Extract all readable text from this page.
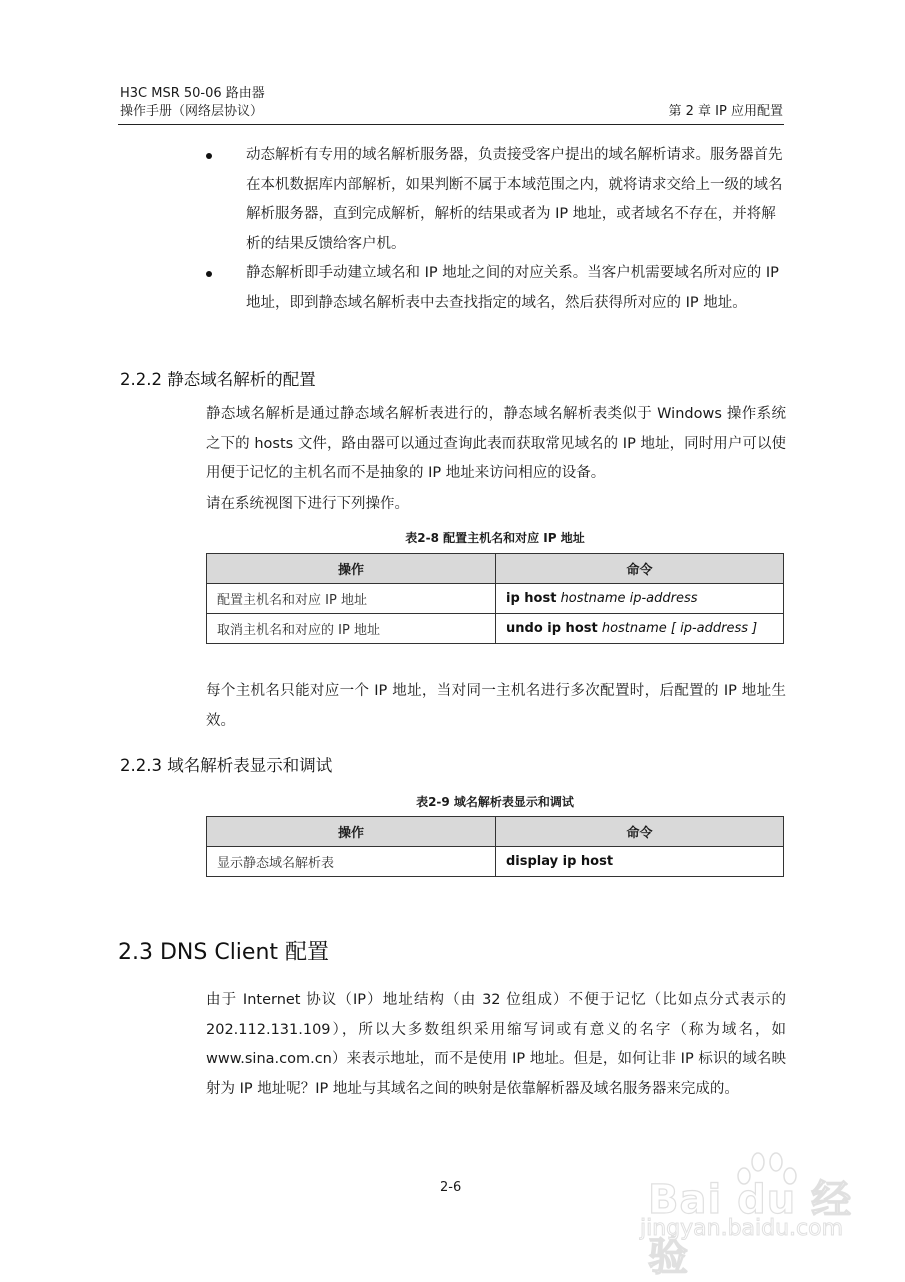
H3C MSR 50-06 路由器
操作手册（网络层协议）	第 2 章 IP 应用配置
动态解析有专用的域名解析服务器，负责接受客户提出的域名解析请求。服务器首先在本机数据库内部解析，如果判断不属于本域范围之内，就将请求交给上一级的域名解析服务器，直到完成解析，解析的结果或者为 IP 地址，或者域名不存在，并将解析的结果反馈给客户机。
静态解析即手动建立域名和 IP 地址之间的对应关系。当客户机需要域名所对应的 IP 地址，即到静态域名解析表中去查找指定的域名，然后获得所对应的 IP 地址。
2.2.2 静态域名解析的配置
静态域名解析是通过静态域名解析表进行的，静态域名解析表类似于 Windows 操作系统之下的 hosts 文件，路由器可以通过查询此表而获取常见域名的 IP 地址，同时用户可以使用便于记忆的主机名而不是抽象的 IP 地址来访问相应的设备。
请在系统视图下进行下列操作。
表2-8 配置主机名和对应 IP 地址
操作	命令
配置主机名和对应 IP 地址	ip host hostname ip-address
取消主机名和对应的 IP 地址	undo ip host hostname [ ip-address ]
每个主机名只能对应一个 IP 地址，当对同一主机名进行多次配置时，后配置的 IP 地址生效。
2.2.3 域名解析表显示和调试
表2-9 域名解析表显示和调试
操作	命令
显示静态域名解析表	display ip host
2.3 DNS Client 配置
由于 Internet 协议（IP）地址结构（由 32 位组成）不便于记忆（比如点分式表示的 202.112.131.109），所以大多数组织采用缩写词或有意义的名字（称为域名，如 www.sina.com.cn）来表示地址，而不是使用 IP 地址。但是，如何让非 IP 标识的域名映射为 IP 地址呢？IP 地址与其域名之间的映射是依靠解析器及域名服务器来完成的。
2-6	Bai du 经验
jingyan.baidu.com
